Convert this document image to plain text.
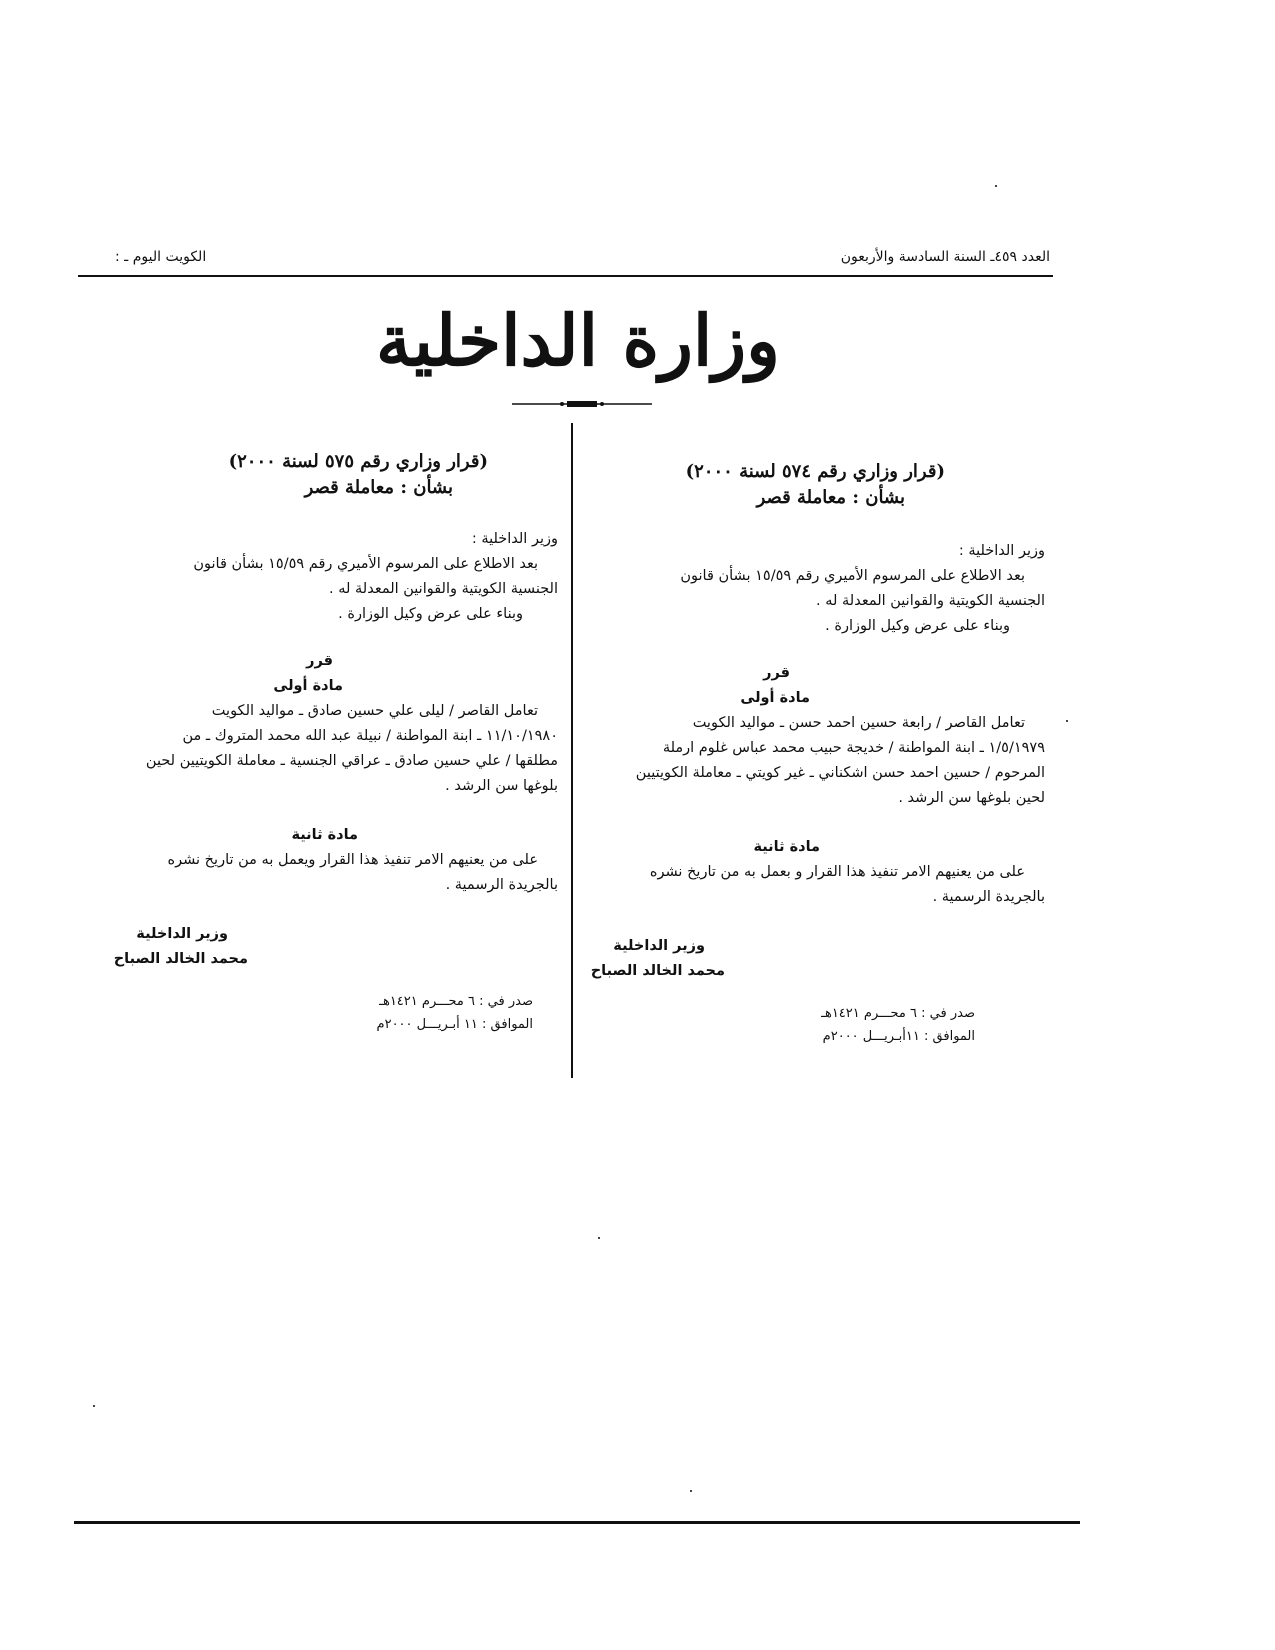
الكويت اليوم ـ :	العدد ٤٥٩ـ السنة السادسة والأربعون
وزارة الداخلية
(قرار وزاري رقم ٥٧٤ لسنة ٢٠٠٠)
بشأن : معاملة قصر
وزير الداخلية :
بعد الاطلاع على المرسوم الأميري رقم ١٥/٥٩ بشأن قانون
الجنسية الكويتية والقوانين المعدلة له .
وبناء على عرض وكيل الوزارة .
قرر
مادة أولى
تعامل القاصر / رابعة حسين احمد حسن ـ مواليد الكويت
١/٥/١٩٧٩ ـ ابنة المواطنة / خديجة حبيب محمد عباس غلوم ارملة
المرحوم / حسين احمد حسن اشكناني ـ غير كويتي ـ معاملة الكويتيين
لحين بلوغها سن الرشد .
مادة ثانية
على من يعنيهم الامر تنفيذ هذا القرار و بعمل به من تاريخ نشره
بالجريدة الرسمية .
وزير الداخلية
محمد الخالد الصباح
صدر في : ٦ محـــرم ١٤٢١هـ
الموافق : ١١أبـريـــل ٢٠٠٠م
(قرار وزاري رقم ٥٧٥ لسنة ٢٠٠٠)
بشأن : معاملة قصر
وزير الداخلية :
بعد الاطلاع على المرسوم الأميري رقم ١٥/٥٩ بشأن قانون
الجنسية الكويتية والقوانين المعدلة له .
وبناء على عرض وكيل الوزارة .
قرر
مادة أولى
تعامل القاصر / ليلى علي حسين صادق ـ مواليد الكويت
١١/١٠/١٩٨٠ ـ ابنة المواطنة / نبيلة عبد الله محمد المتروك ـ من
مطلقها / علي حسين صادق ـ عراقي الجنسية ـ معاملة الكويتيين لحين
بلوغها سن الرشد .
مادة ثانية
على من يعنيهم الامر تنفيذ هذا القرار ويعمل به من تاريخ نشره
بالجريدة الرسمية .
وزير الداخلية
محمد الخالد الصباح
صدر في : ٦ محـــرم ١٤٢١هـ
الموافق : ١١ أبـريـــل ٢٠٠٠م
